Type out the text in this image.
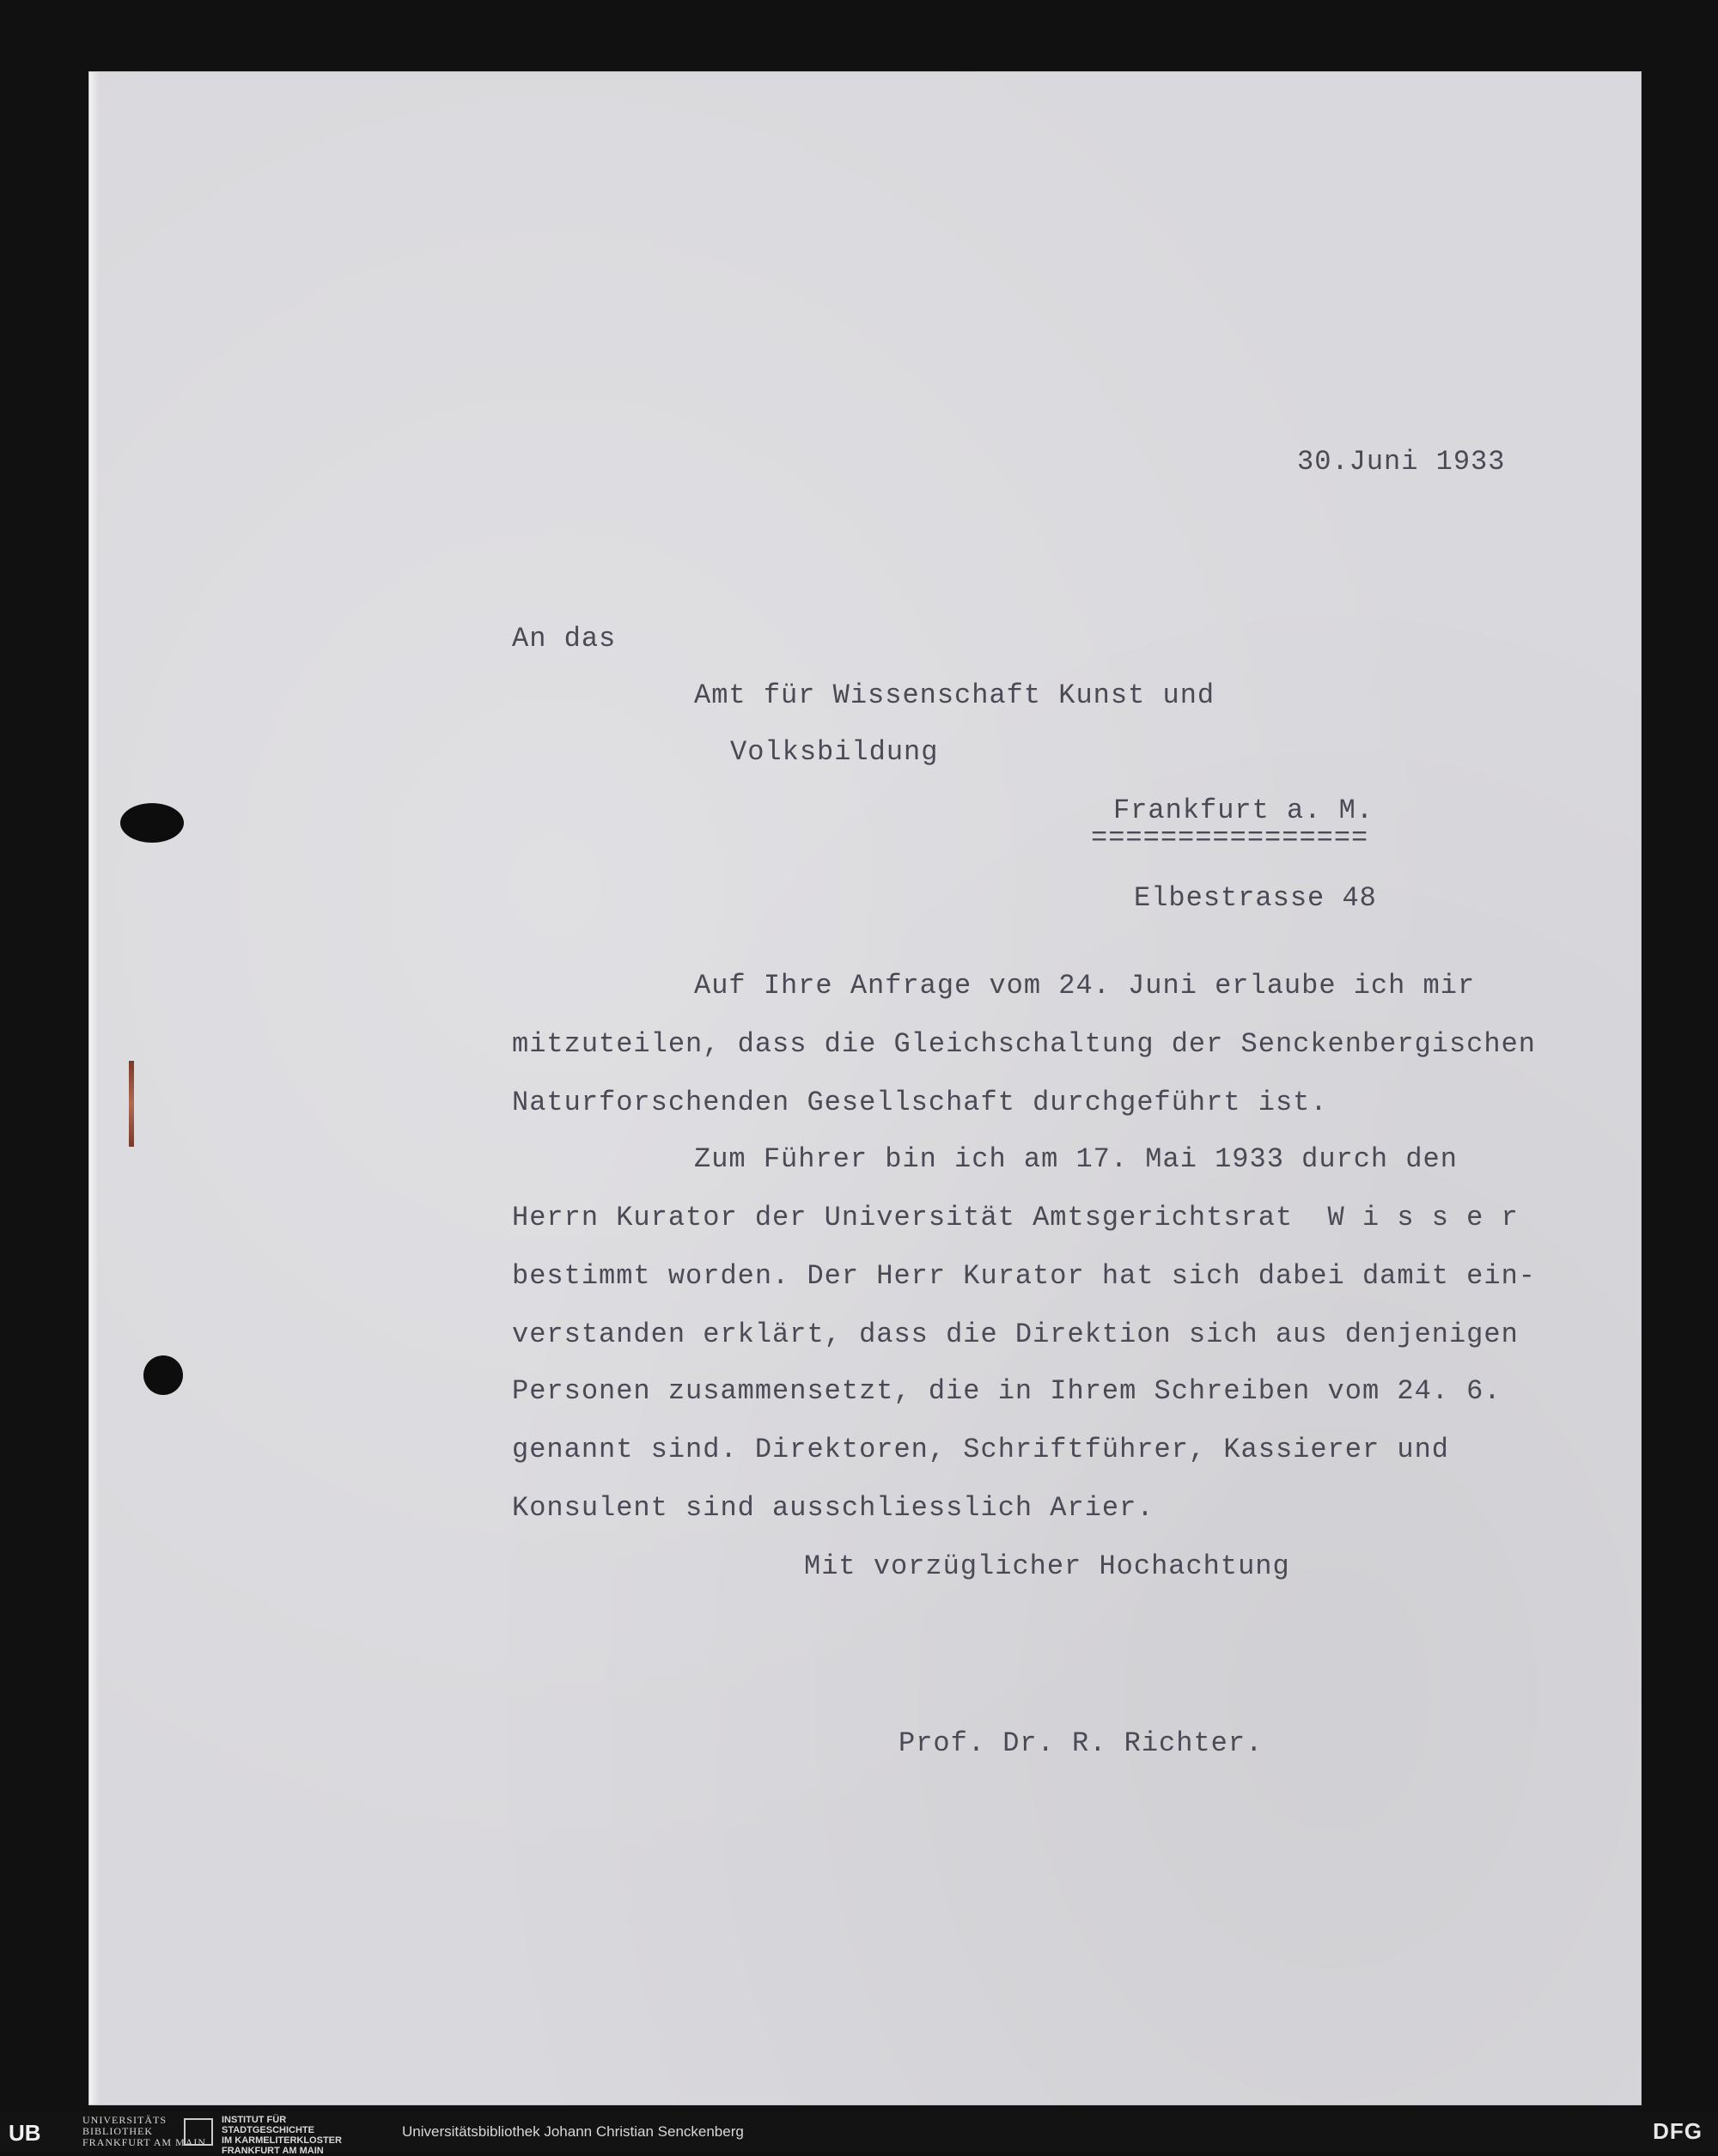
30.Juni 1933
An das
Amt für Wissenschaft Kunst und
Volksbildung
Frankfurt a. M.
================
Elbestrasse 48
Auf Ihre Anfrage vom 24. Juni erlaube ich mir
mitzuteilen, dass die Gleichschaltung der Senckenbergischen
Naturforschenden Gesellschaft durchgeführt ist.
Zum Führer bin ich am 17. Mai 1933 durch den
Herrn Kurator der Universität Amtsgerichtsrat  W i s s e r
bestimmt worden. Der Herr Kurator hat sich dabei damit ein-
verstanden erklärt, dass die Direktion sich aus denjenigen
Personen zusammensetzt, die in Ihrem Schreiben vom 24. 6.
genannt sind. Direktoren, Schriftführer, Kassierer und
Konsulent sind ausschliesslich Arier.
Mit vorzüglicher Hochachtung
Prof. Dr. R. Richter.
UB	UNIVERSITÄTS
BIBLIOTHEK
FRANKFURT AM MAIN
INSTITUT FÜR
STADTGESCHICHTE
IM KARMELITERKLOSTER
FRANKFURT AM MAIN
Universitätsbibliothek Johann Christian Senckenberg	DFG
